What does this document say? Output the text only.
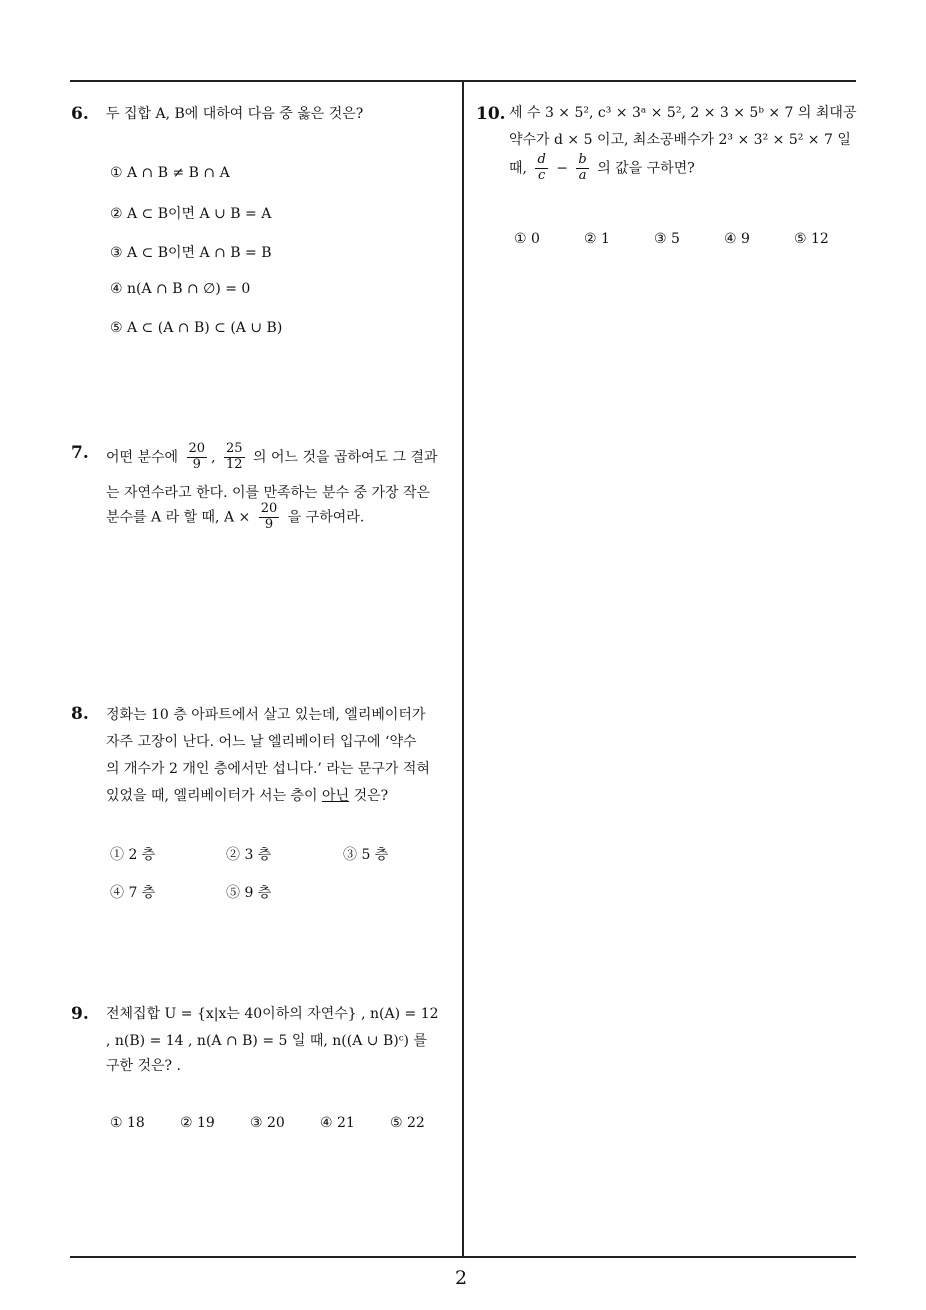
6. 두 집합 A, B에 대하여 다음 중 옳은 것은?
① A ∩ B ≠ B ∩ A
② A ⊂ B이면 A ∪ B = A
③ A ⊂ B이면 A ∩ B = B
④ n(A ∩ B ∩ ∅) = 0
⑤ A ⊂ (A ∩ B) ⊂ (A ∪ B)
7. 어떤 분수에 $\frac{20}{9}$ , $\frac{25}{12}$ 의 어느 것을 곱하여도 그 결과
는 자연수라고 한다. 이를 만족하는 분수 중 가장 작은
분수를 A 라 할 때, $A \times \frac{20}{9}$ 을 구하여라.
8. 정화는 10 층 아파트에서 살고 있는데, 엘리베이터가
자주 고장이 난다. 어느 날 엘리베이터 입구에 ‘약수
의 개수가 2 개인 층에서만 섭니다.’ 라는 문구가 적혀
있었을 때, 엘리베이터가 서는 층이 아닌 것은?
① 2 층	② 3 층	③ 5 층
④ 7 층	⑤ 9 층
9. 전체집합 U = {x|x는 40이하의 자연수} , n(A) = 12
, n(B) = 14 , n(A ∩ B) = 5 일 때, n((A ∪ B)ᶜ) 를
구한 것은? .
① 18	② 19	③ 20	④ 21	⑤ 22
10. 세 수 3 × 5², c³ × 3ᵃ × 5², 2 × 3 × 5ᵇ × 7 의 최대공
약수가 d × 5 이고, 최소공배수가 2³ × 3² × 5² × 7 일
때, $\frac{d}{c} - \frac{b}{a}$ 의 값을 구하면?
① 0	② 1	③ 5	④ 9	⑤ 12
2
